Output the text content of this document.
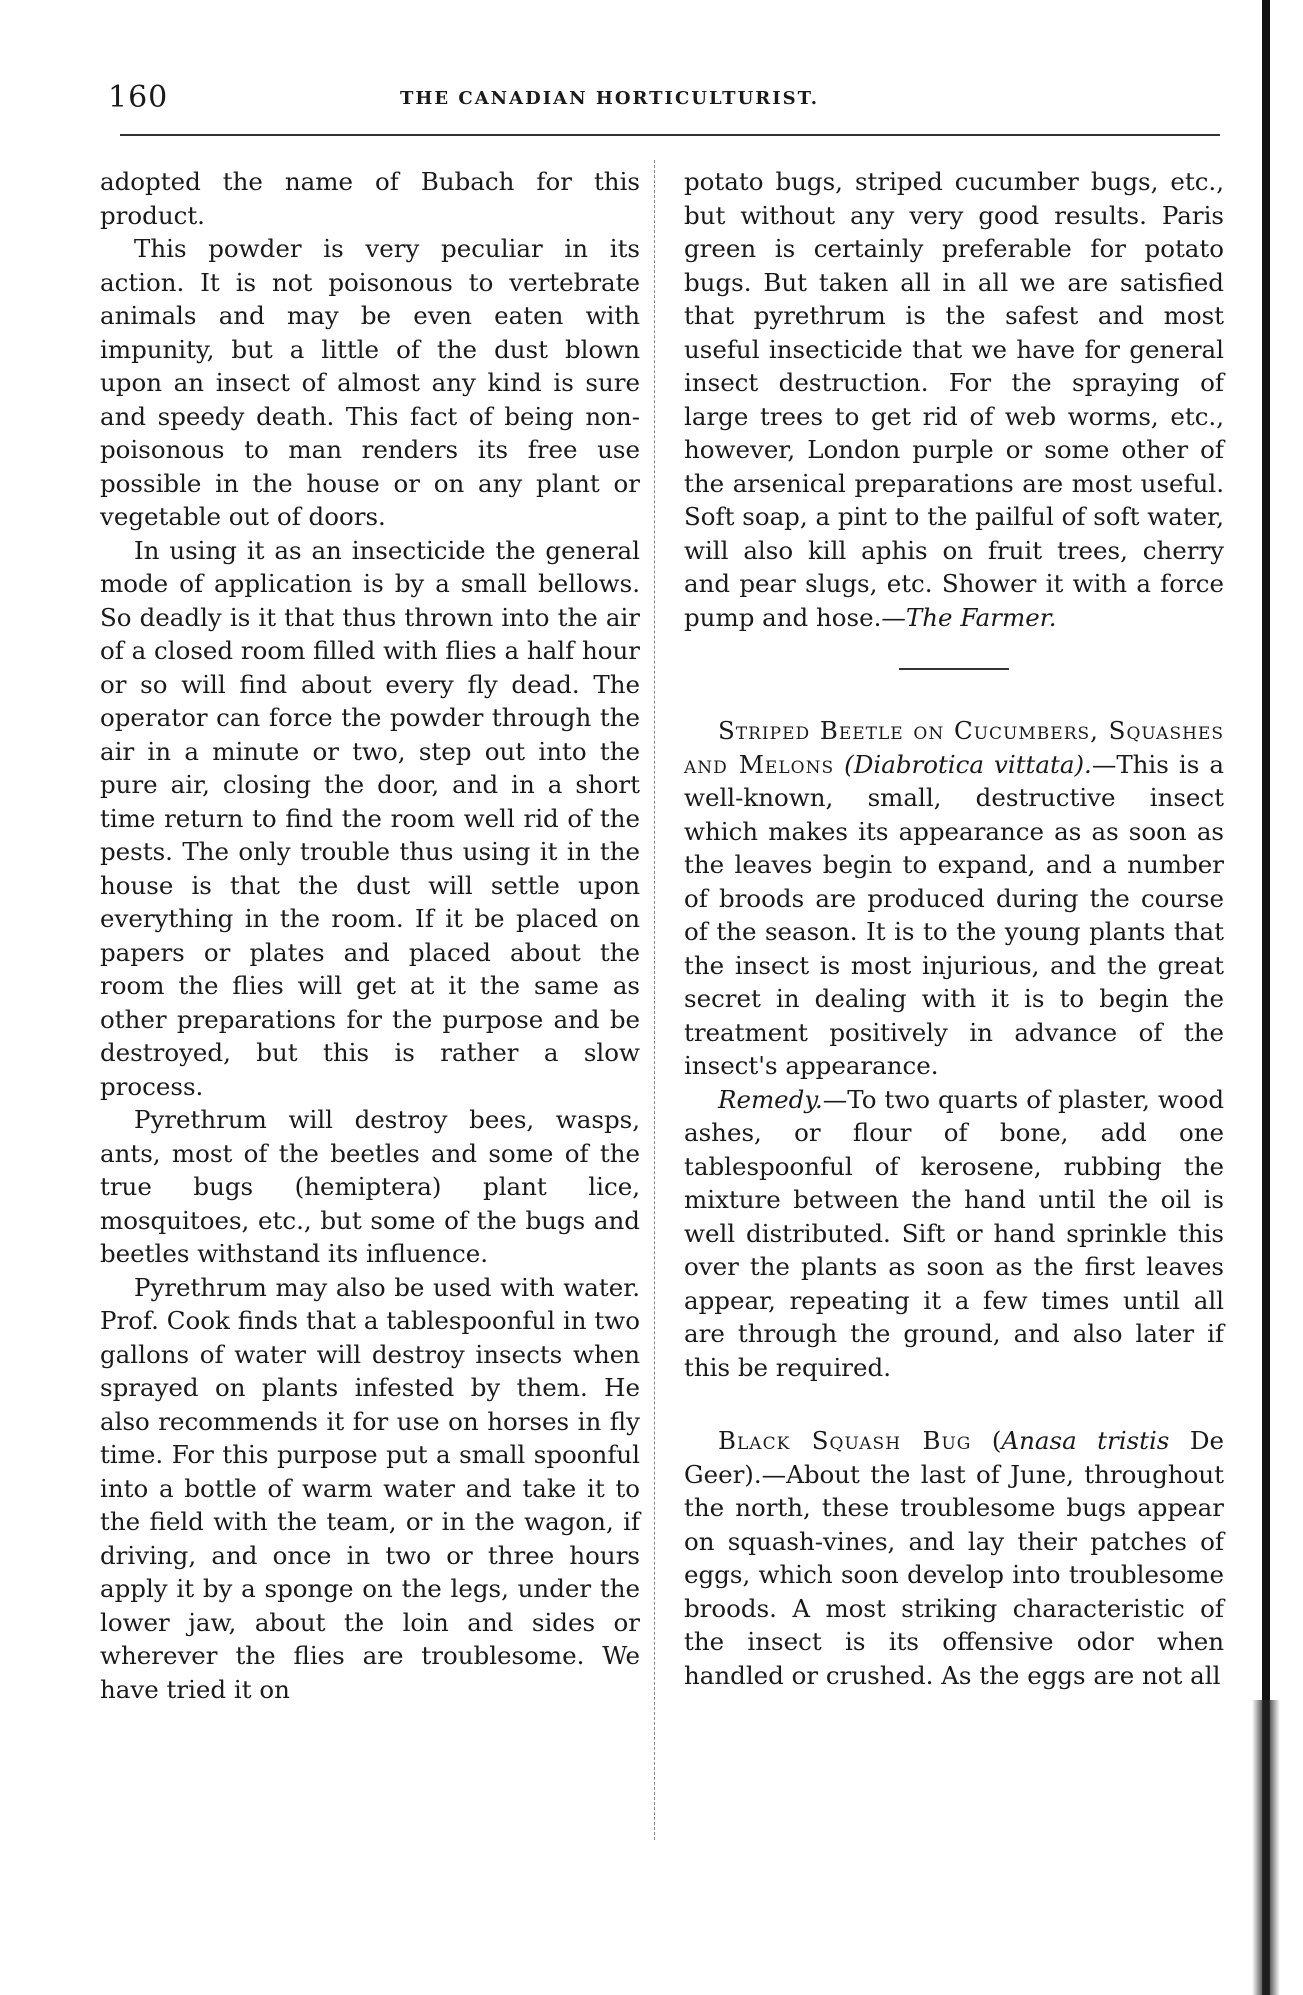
160	THE CANADIAN HORTICULTURIST.

adopted the name of Bubach for this product.

This powder is very peculiar in its action. It is not poisonous to vertebrate animals and may be even eaten with impunity, but a little of the dust blown upon an insect of almost any kind is sure and speedy death. This fact of being non-poisonous to man renders its free use possible in the house or on any plant or vegetable out of doors.

In using it as an insecticide the general mode of application is by a small bellows. So deadly is it that thus thrown into the air of a closed room filled with flies a half hour or so will find about every fly dead. The operator can force the powder through the air in a minute or two, step out into the pure air, closing the door, and in a short time return to find the room well rid of the pests. The only trouble thus using it in the house is that the dust will settle upon everything in the room. If it be placed on papers or plates and placed about the room the flies will get at it the same as other preparations for the purpose and be destroyed, but this is rather a slow process.

Pyrethrum will destroy bees, wasps, ants, most of the beetles and some of the true bugs (hemiptera) plant lice, mosquitoes, etc., but some of the bugs and beetles withstand its influence.

Pyrethrum may also be used with water. Prof. Cook finds that a tablespoonful in two gallons of water will destroy insects when sprayed on plants infested by them. He also recommends it for use on horses in fly time. For this purpose put a small spoonful into a bottle of warm water and take it to the field with the team, or in the wagon, if driving, and once in two or three hours apply it by a sponge on the legs, under the lower jaw, about the loin and sides or wherever the flies are troublesome. We have tried it on

potato bugs, striped cucumber bugs, etc., but without any very good results. Paris green is certainly preferable for potato bugs. But taken all in all we are satisfied that pyrethrum is the safest and most useful insecticide that we have for general insect destruction. For the spraying of large trees to get rid of web worms, etc., however, London purple or some other of the arsenical preparations are most useful. Soft soap, a pint to the pailful of soft water, will also kill aphis on fruit trees, cherry and pear slugs, etc. Shower it with a force pump and hose.—The Farmer.

Striped Beetle on Cucumbers, Squashes and Melons (Diabrotica vittata).—This is a well-known, small, destructive insect which makes its appearance as as soon as the leaves begin to expand, and a number of broods are produced during the course of the season. It is to the young plants that the insect is most injurious, and the great secret in dealing with it is to begin the treatment positively in advance of the insect's appearance.

Remedy.—To two quarts of plaster, wood ashes, or flour of bone, add one tablespoonful of kerosene, rubbing the mixture between the hand until the oil is well distributed. Sift or hand sprinkle this over the plants as soon as the first leaves appear, repeating it a few times until all are through the ground, and also later if this be required.

Black Squash Bug (Anasa tristis De Geer).—About the last of June, throughout the north, these troublesome bugs appear on squash-vines, and lay their patches of eggs, which soon develop into troublesome broods. A most striking characteristic of the insect is its offensive odor when handled or crushed. As the eggs are not all
